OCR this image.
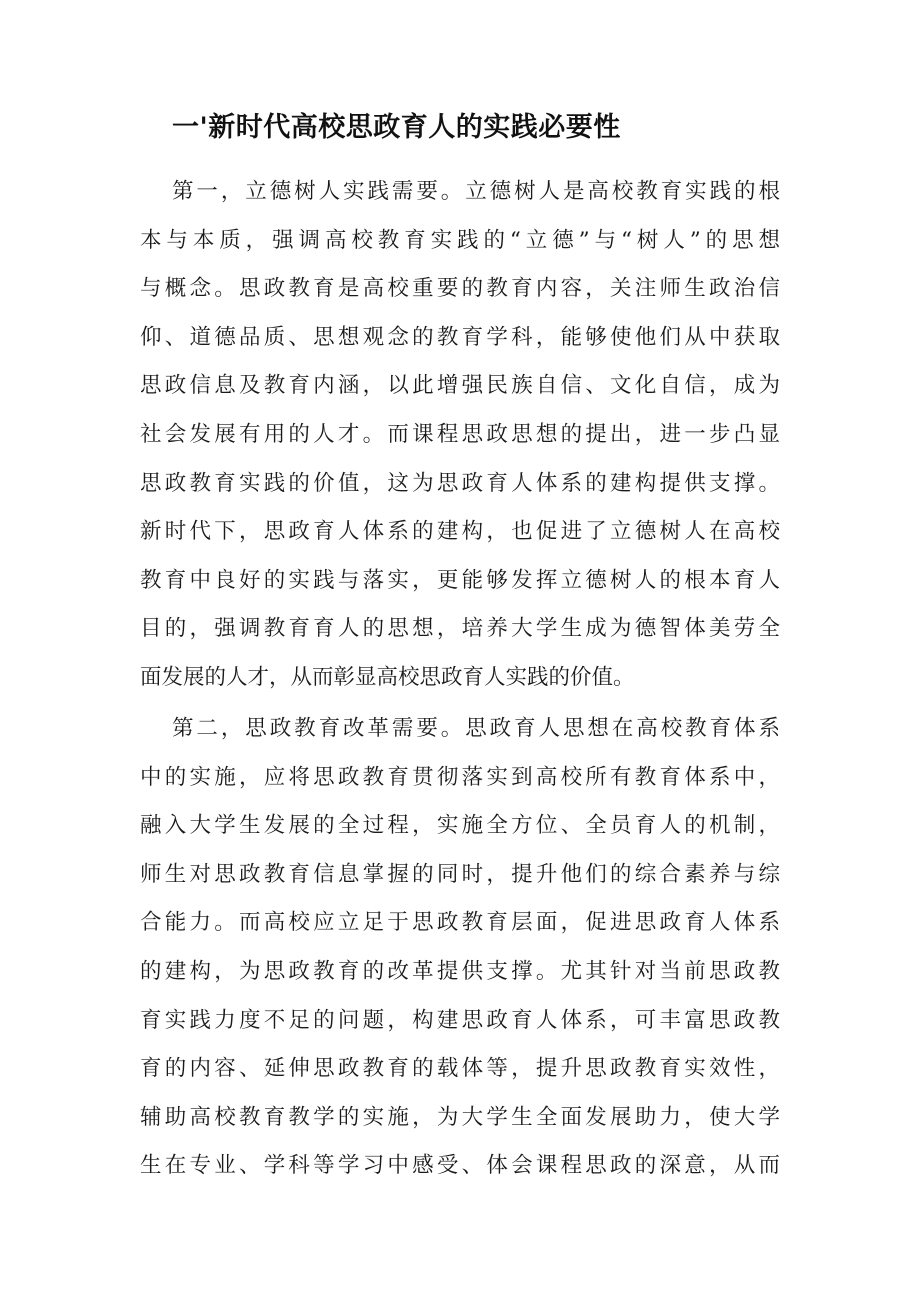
一'新时代高校思政育人的实践必要性
第一，立德树人实践需要。立德树人是高校教育实践的根
本与本质，强调高校教育实践的“立德”与“树人”的思想
与概念。思政教育是高校重要的教育内容，关注师生政治信
仰、道德品质、思想观念的教育学科，能够使他们从中获取
思政信息及教育内涵，以此增强民族自信、文化自信，成为
社会发展有用的人才。而课程思政思想的提出，进一步凸显
思政教育实践的价值，这为思政育人体系的建构提供支撑。
新时代下，思政育人体系的建构，也促进了立德树人在高校
教育中良好的实践与落实，更能够发挥立德树人的根本育人
目的，强调教育育人的思想，培养大学生成为德智体美劳全
面发展的人才，从而彰显高校思政育人实践的价值。
第二，思政教育改革需要。思政育人思想在高校教育体系
中的实施，应将思政教育贯彻落实到高校所有教育体系中，
融入大学生发展的全过程，实施全方位、全员育人的机制，
师生对思政教育信息掌握的同时，提升他们的综合素养与综
合能力。而高校应立足于思政教育层面，促进思政育人体系
的建构，为思政教育的改革提供支撑。尤其针对当前思政教
育实践力度不足的问题，构建思政育人体系，可丰富思政教
育的内容、延伸思政教育的载体等，提升思政教育实效性，
辅助高校教育教学的实施，为大学生全面发展助力，使大学
生在专业、学科等学习中感受、体会课程思政的深意，从而
